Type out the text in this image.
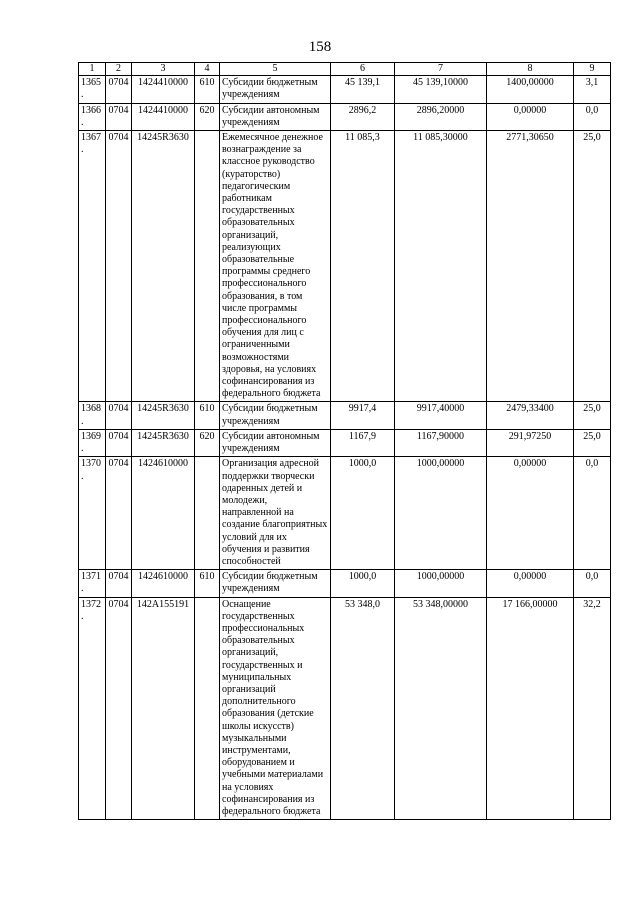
158
1	2	3	4	5	6	7	8	9
1365.	0704	1424410000	610	Субсидии бюджетным учреждениям	45 139,1	45 139,10000	1400,00000	3,1
1366.	0704	1424410000	620	Субсидии автономным учреждениям	2896,2	2896,20000	0,00000	0,0
1367.	0704	14245R3630		Ежемесячное денежное вознаграждение за классное руководство (кураторство) педагогическим работникам государственных образовательных организаций, реализующих образовательные программы среднего профессионального образования, в том числе программы профессионального обучения для лиц с ограниченными возможностями здоровья, на условиях софинансирования из федерального бюджета	11 085,3	11 085,30000	2771,30650	25,0
1368.	0704	14245R3630	610	Субсидии бюджетным учреждениям	9917,4	9917,40000	2479,33400	25,0
1369.	0704	14245R3630	620	Субсидии автономным учреждениям	1167,9	1167,90000	291,97250	25,0
1370.	0704	1424610000		Организация адресной поддержки творчески одаренных детей и молодежи, направленной на создание благоприятных условий для их обучения и развития способностей	1000,0	1000,00000	0,00000	0,0
1371.	0704	1424610000	610	Субсидии бюджетным учреждениям	1000,0	1000,00000	0,00000	0,0
1372.	0704	142A155191		Оснащение государственных профессиональных образовательных организаций, государственных и муниципальных организаций дополнительного образования (детские школы искусств) музыкальными инструментами, оборудованием и учебными материалами на условиях софинансирования из федерального бюджета	53 348,0	53 348,00000	17 166,00000	32,2
